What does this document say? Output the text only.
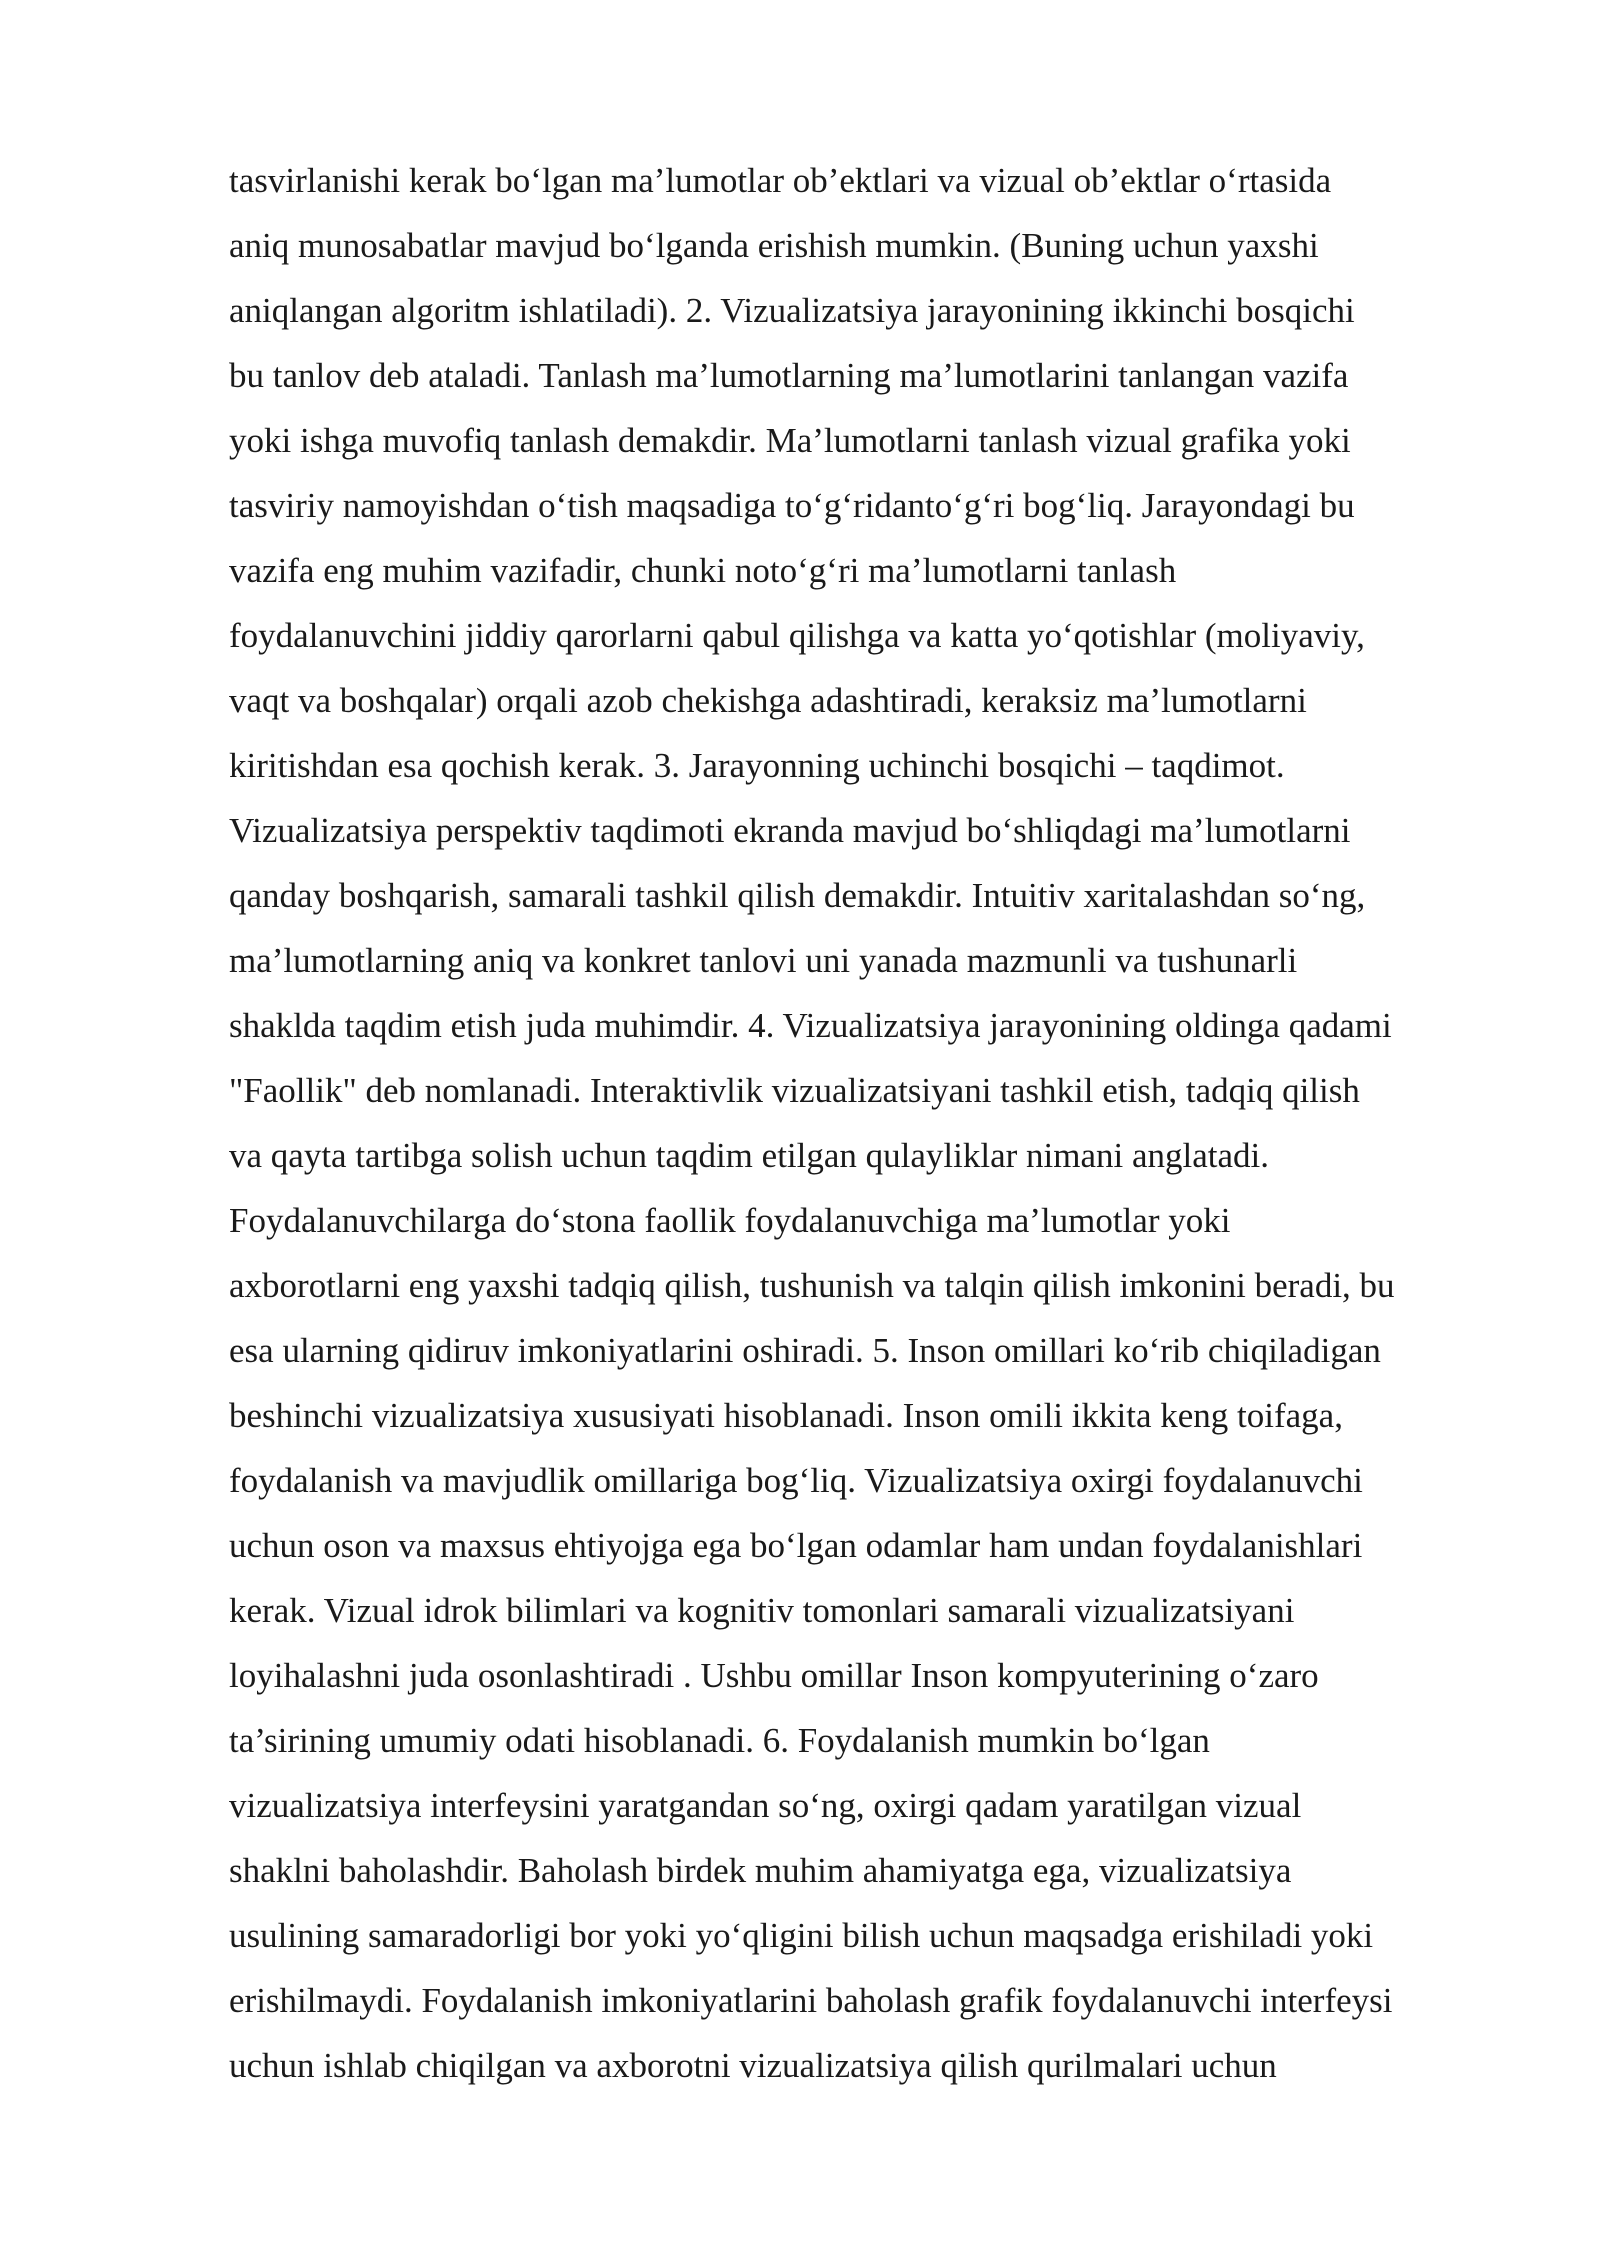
tasvirlanishi kerak bo‘lgan ma’lumotlar ob’ektlari va vizual ob’ektlar o‘rtasida
aniq munosabatlar mavjud bo‘lganda erishish mumkin. (Buning uchun yaxshi
aniqlangan algoritm ishlatiladi). 2. Vizualizatsiya jarayonining ikkinchi bosqichi
bu tanlov deb ataladi. Tanlash ma’lumotlarning ma’lumotlarini tanlangan vazifa
yoki ishga muvofiq tanlash demakdir. Ma’lumotlarni tanlash vizual grafika yoki
tasviriy namoyishdan o‘tish maqsadiga to‘g‘ridanto‘g‘ri bog‘liq. Jarayondagi bu
vazifa eng muhim vazifadir, chunki noto‘g‘ri ma’lumotlarni tanlash
foydalanuvchini jiddiy qarorlarni qabul qilishga va katta yo‘qotishlar (moliyaviy,
vaqt va boshqalar) orqali azob chekishga adashtiradi, keraksiz ma’lumotlarni
kiritishdan esa qochish kerak. 3. Jarayonning uchinchi bosqichi – taqdimot.
Vizualizatsiya perspektiv taqdimoti ekranda mavjud bo‘shliqdagi ma’lumotlarni
qanday boshqarish, samarali tashkil qilish demakdir. Intuitiv xaritalashdan so‘ng,
ma’lumotlarning aniq va konkret tanlovi uni yanada mazmunli va tushunarli
shaklda taqdim etish juda muhimdir. 4. Vizualizatsiya jarayonining oldinga qadami
"Faollik" deb nomlanadi. Interaktivlik vizualizatsiyani tashkil etish, tadqiq qilish
va qayta tartibga solish uchun taqdim etilgan qulayliklar nimani anglatadi.
Foydalanuvchilarga do‘stona faollik foydalanuvchiga ma’lumotlar yoki
axborotlarni eng yaxshi tadqiq qilish, tushunish va talqin qilish imkonini beradi, bu
esa ularning qidiruv imkoniyatlarini oshiradi. 5. Inson omillari ko‘rib chiqiladigan
beshinchi vizualizatsiya xususiyati hisoblanadi. Inson omili ikkita keng toifaga,
foydalanish va mavjudlik omillariga bog‘liq. Vizualizatsiya oxirgi foydalanuvchi
uchun oson va maxsus ehtiyojga ega bo‘lgan odamlar ham undan foydalanishlari
kerak. Vizual idrok bilimlari va kognitiv tomonlari samarali vizualizatsiyani
loyihalashni juda osonlashtiradi . Ushbu omillar Inson kompyuterining o‘zaro
ta’sirining umumiy odati hisoblanadi. 6. Foydalanish mumkin bo‘lgan
vizualizatsiya interfeysini yaratgandan so‘ng, oxirgi qadam yaratilgan vizual
shaklni baholashdir. Baholash birdek muhim ahamiyatga ega, vizualizatsiya
usulining samaradorligi bor yoki yo‘qligini bilish uchun maqsadga erishiladi yoki
erishilmaydi. Foydalanish imkoniyatlarini baholash grafik foydalanuvchi interfeysi
uchun ishlab chiqilgan va axborotni vizualizatsiya qilish qurilmalari uchun
